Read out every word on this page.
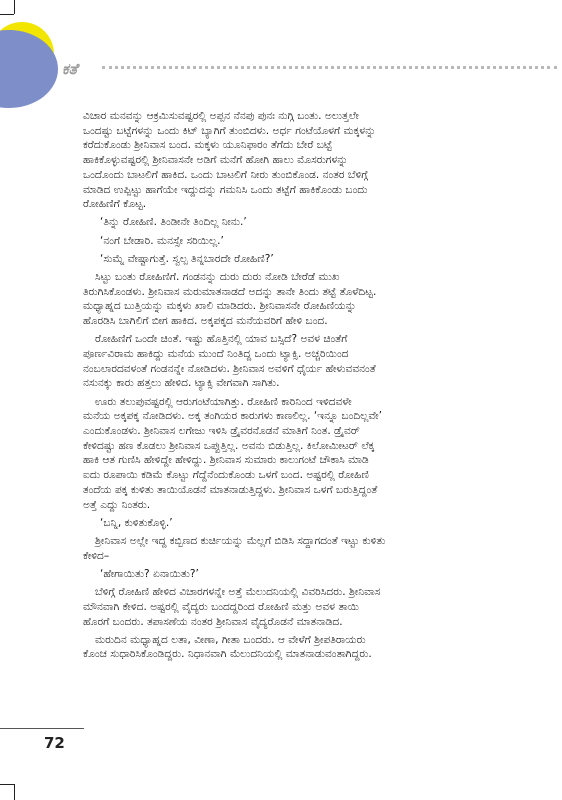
ಕತೆ

ವಿಚಾರ ಮನವನ್ನು ಆಕ್ರಮಿಸುವಷ್ಟರಲ್ಲಿ ಅಪ್ಪನ ನೆನಪು ಪುನಃ ನುಗ್ಗಿ ಬಂತು. ಅಲುತ್ತಲೇ
ಒಂದಷ್ಟು ಬಟ್ಟೆಗಳನ್ನು ಒಂದು ಕಿಟ್ ಬ್ಯಾಗಿಗೆ ತುಂಬಿದಳು. ಅರ್ಧ ಗಂಟೆಯೊಳಗೆ ಮಕ್ಕಳನ್ನು
ಕರೆದುಕೊಂಡು ಶ್ರೀನಿವಾಸ ಬಂದ. ಮಕ್ಕಳು ಯೂನಿಫಾರಂ ತೆಗೆದು ಬೇರೆ ಬಟ್ಟೆ
ಹಾಕಿಕೊಳ್ಳುವಷ್ಟರಲ್ಲಿ ಶ್ರೀನಿವಾಸನೇ ಅಡಿಗೆ ಮನೆಗೆ ಹೋಗಿ ಹಾಲು ಮೊಸರುಗಳನ್ನು
ಒಂದೊಂದು ಬಾಟಲಿಗೆ ಹಾಕಿದ. ಒಂದು ಬಾಟಲಿಗೆ ನೀರು ತುಂಬಿಕೊಂಡ. ನಂತರ ಬೆಳಿಗ್ಗೆ
ಮಾಡಿದ ಉಪ್ಪಿಟ್ಟು ಹಾಗೆಯೇ ಇದ್ದುದನ್ನು ಗಮನಿಸಿ ಒಂದು ತಟ್ಟೆಗೆ ಹಾಕಿಕೊಂಡು ಬಂದು
ರೋಹಿಣಿಗೆ ಕೊಟ್ಟ.

‘ತಿನ್ನು ರೋಹಿಣಿ. ತಿಂಡೀನೇ ತಿಂದಿಲ್ಲ ನೀನು.’

‘ನಂಗೆ ಬೇಡಾರಿ. ಮನಸ್ಸೇ ಸರಿಯಿಲ್ಲ.’

‘ಸುಮ್ನೆ ವೇಷ್ಟಾಗುತ್ತೆ. ಸ್ವಲ್ಪ ತಿನ್ನಬಾರದೇ ರೋಹಿಣಿ?’

ಸಿಟ್ಟು ಬಂತು ರೋಹಿಣಿಗೆ. ಗಂಡನನ್ನು ದುರು ದುರು ನೋಡಿ ಬೇರೆಡೆ ಮುಖ
ತಿರುಗಿಸಿಕೊಂಡಳು. ಶ್ರೀನಿವಾಸ ಮರುಮಾತನಾಡದೆ ಅದನ್ನು ತಾನೇ ತಿಂದು ತಟ್ಟೆ ತೊಳೆದಿಟ್ಟ.
ಮಧ್ಯಾಹ್ನದ ಬುತ್ತಿಯನ್ನು ಮಕ್ಕಳು ಖಾಲಿ ಮಾಡಿದರು. ಶ್ರೀನಿವಾಸನೇ ರೋಹಿಣಿಯನ್ನು
ಹೊರಡಿಸಿ ಬಾಗಿಲಿಗೆ ಬೀಗ ಹಾಕಿದ. ಅಕ್ಕಪಕ್ಕದ ಮನೆಯವರಿಗೆ ಹೇಳಿ ಬಂದ.

ರೋಹಿಣಿಗೆ ಒಂದೇ ಚಿಂತೆ. ಇಷ್ಟು ಹೊತ್ತಿನಲ್ಲಿ ಯಾವ ಬಸ್ಸಿದೆ? ಅವಳ ಚಿಂತೆಗೆ
ಪೂರ್ಣವಿರಾಮ ಹಾಕಿದ್ದು ಮನೆಯ ಮುಂದೆ ನಿಂತಿದ್ದ ಒಂದು ಟ್ಯಾಕ್ಸಿ. ಅಚ್ಚರಿಯಿಂದ
ನಂಬಲಾರದವಳಂತೆ ಗಂಡನನ್ನೇ ನೋಡಿದಳು. ಶ್ರೀನಿವಾಸ ಅವಳಿಗೆ ಧೈರ್ಯ ಹೇಳುವವನಂತೆ
ನಸುನಕ್ಕು ಕಾರು ಹತ್ತಲು ಹೇಳಿದ. ಟ್ಯಾಕ್ಸಿ ವೇಗವಾಗಿ ಸಾಗಿತು.

ಊರು ತಲುಪುವಷ್ಟರಲ್ಲಿ ಆರುಗಂಟೆಯಾಗಿತ್ತು. ರೋಹಿಣಿ ಕಾರಿನಿಂದ ಇಳಿದವಳೇ
ಮನೆಯ ಅಕ್ಕಪಕ್ಕ ನೋಡಿದಳು. ಅಕ್ಕ ತಂಗಿಯರ ಕಾರುಗಳು ಕಾಣಲಿಲ್ಲ. ‘ಇನ್ನೂ ಬಂದಿಲ್ಲವೇ’
ಎಂದುಕೊಂಡಳು. ಶ್ರೀನಿವಾಸ ಲಗೇಜು ಇಳಿಸಿ ಡ್ರೈವರನೊಡನೆ ಮಾತಿಗೆ ನಿಂತ. ಡ್ರೈವರ್
ಕೇಳಿದಷ್ಟು ಹಣ ಕೊಡಲು ಶ್ರೀನಿವಾಸ ಒಪ್ಪುತ್ತಿಲ್ಲ. ಅವನು ಬಿಡುತ್ತಿಲ್ಲ. ಕಿಲೋಮೀಟರ್ ಲೆಕ್ಕ
ಹಾಕಿ ಆತ ಗುಣಿಸಿ ಹೇಳಿದ್ದೇ ಹೇಳಿದ್ದು. ಶ್ರೀನಿವಾಸ ಸುಮಾರು ಕಾಲುಗಂಟೆ ಚೌಕಾಸಿ ಮಾಡಿ
ಐದು ರೂಪಾಯಿ ಕಡಿಮೆ ಕೊಟ್ಟು ಗೆದ್ದೆನೆಂದುಕೊಂಡು ಒಳಗೆ ಬಂದ. ಅಷ್ಟರಲ್ಲಿ ರೋಹಿಣಿ
ತಂದೆಯ ಪಕ್ಕ ಕುಳಿತು ತಾಯಿಯೊಡನೆ ಮಾತನಾಡುತ್ತಿದ್ದಳು. ಶ್ರೀನಿವಾಸ ಒಳಗೆ ಬರುತ್ತಿದ್ದಂತೆ
ಅತ್ತೆ ಎದ್ದು ನಿಂತರು.

‘ಬನ್ನಿ, ಕುಳಿತುಕೊಳ್ಳಿ.’

ಶ್ರೀನಿವಾಸ ಅಲ್ಲೇ ಇದ್ದ ಕಬ್ಬಿಣದ ಕುರ್ಚಿಯನ್ನು ಮೆಲ್ಲಗೆ ಬಿಡಿಸಿ ಸದ್ದಾಗದಂತೆ ಇಟ್ಟು ಕುಳಿತು
ಕೇಳಿದ–

‘ಹೇಗಾಯಿತು? ಏನಾಯಿತು?’

ಬೆಳಿಗ್ಗೆ ರೋಹಿಣಿ ಹೇಳಿದ ವಿಚಾರಗಳನ್ನೇ ಅತ್ತೆ ಮೆಲುದನಿಯಲ್ಲಿ ವಿವರಿಸಿದರು. ಶ್ರೀನಿವಾಸ
ಮೌನವಾಗಿ ಕೇಳಿದ. ಅಷ್ಟರಲ್ಲಿ ವೈದ್ಯರು ಬಂದದ್ದರಿಂದ ರೋಹಿಣಿ ಮತ್ತು ಅವಳ ತಾಯಿ
ಹೊರಗೆ ಬಂದರು. ತಪಾಸಣೆಯ ನಂತರ ಶ್ರೀನಿವಾಸ ವೈದ್ಯರೊಡನೆ ಮಾತನಾಡಿದ.

ಮರುದಿನ ಮಧ್ಯಾಹ್ನದ ಲತಾ, ವೀಣಾ, ಗೀತಾ ಬಂದರು. ಆ ವೇಳೆಗೆ ಶ್ರೀಪತಿರಾಯರು
ಕೊಂಚ ಸುಧಾರಿಸಿಕೊಂಡಿದ್ದರು. ನಿಧಾನವಾಗಿ ಮೆಲುದನಿಯಲ್ಲಿ ಮಾತನಾಡುವಂತಾಗಿದ್ದರು.

72
